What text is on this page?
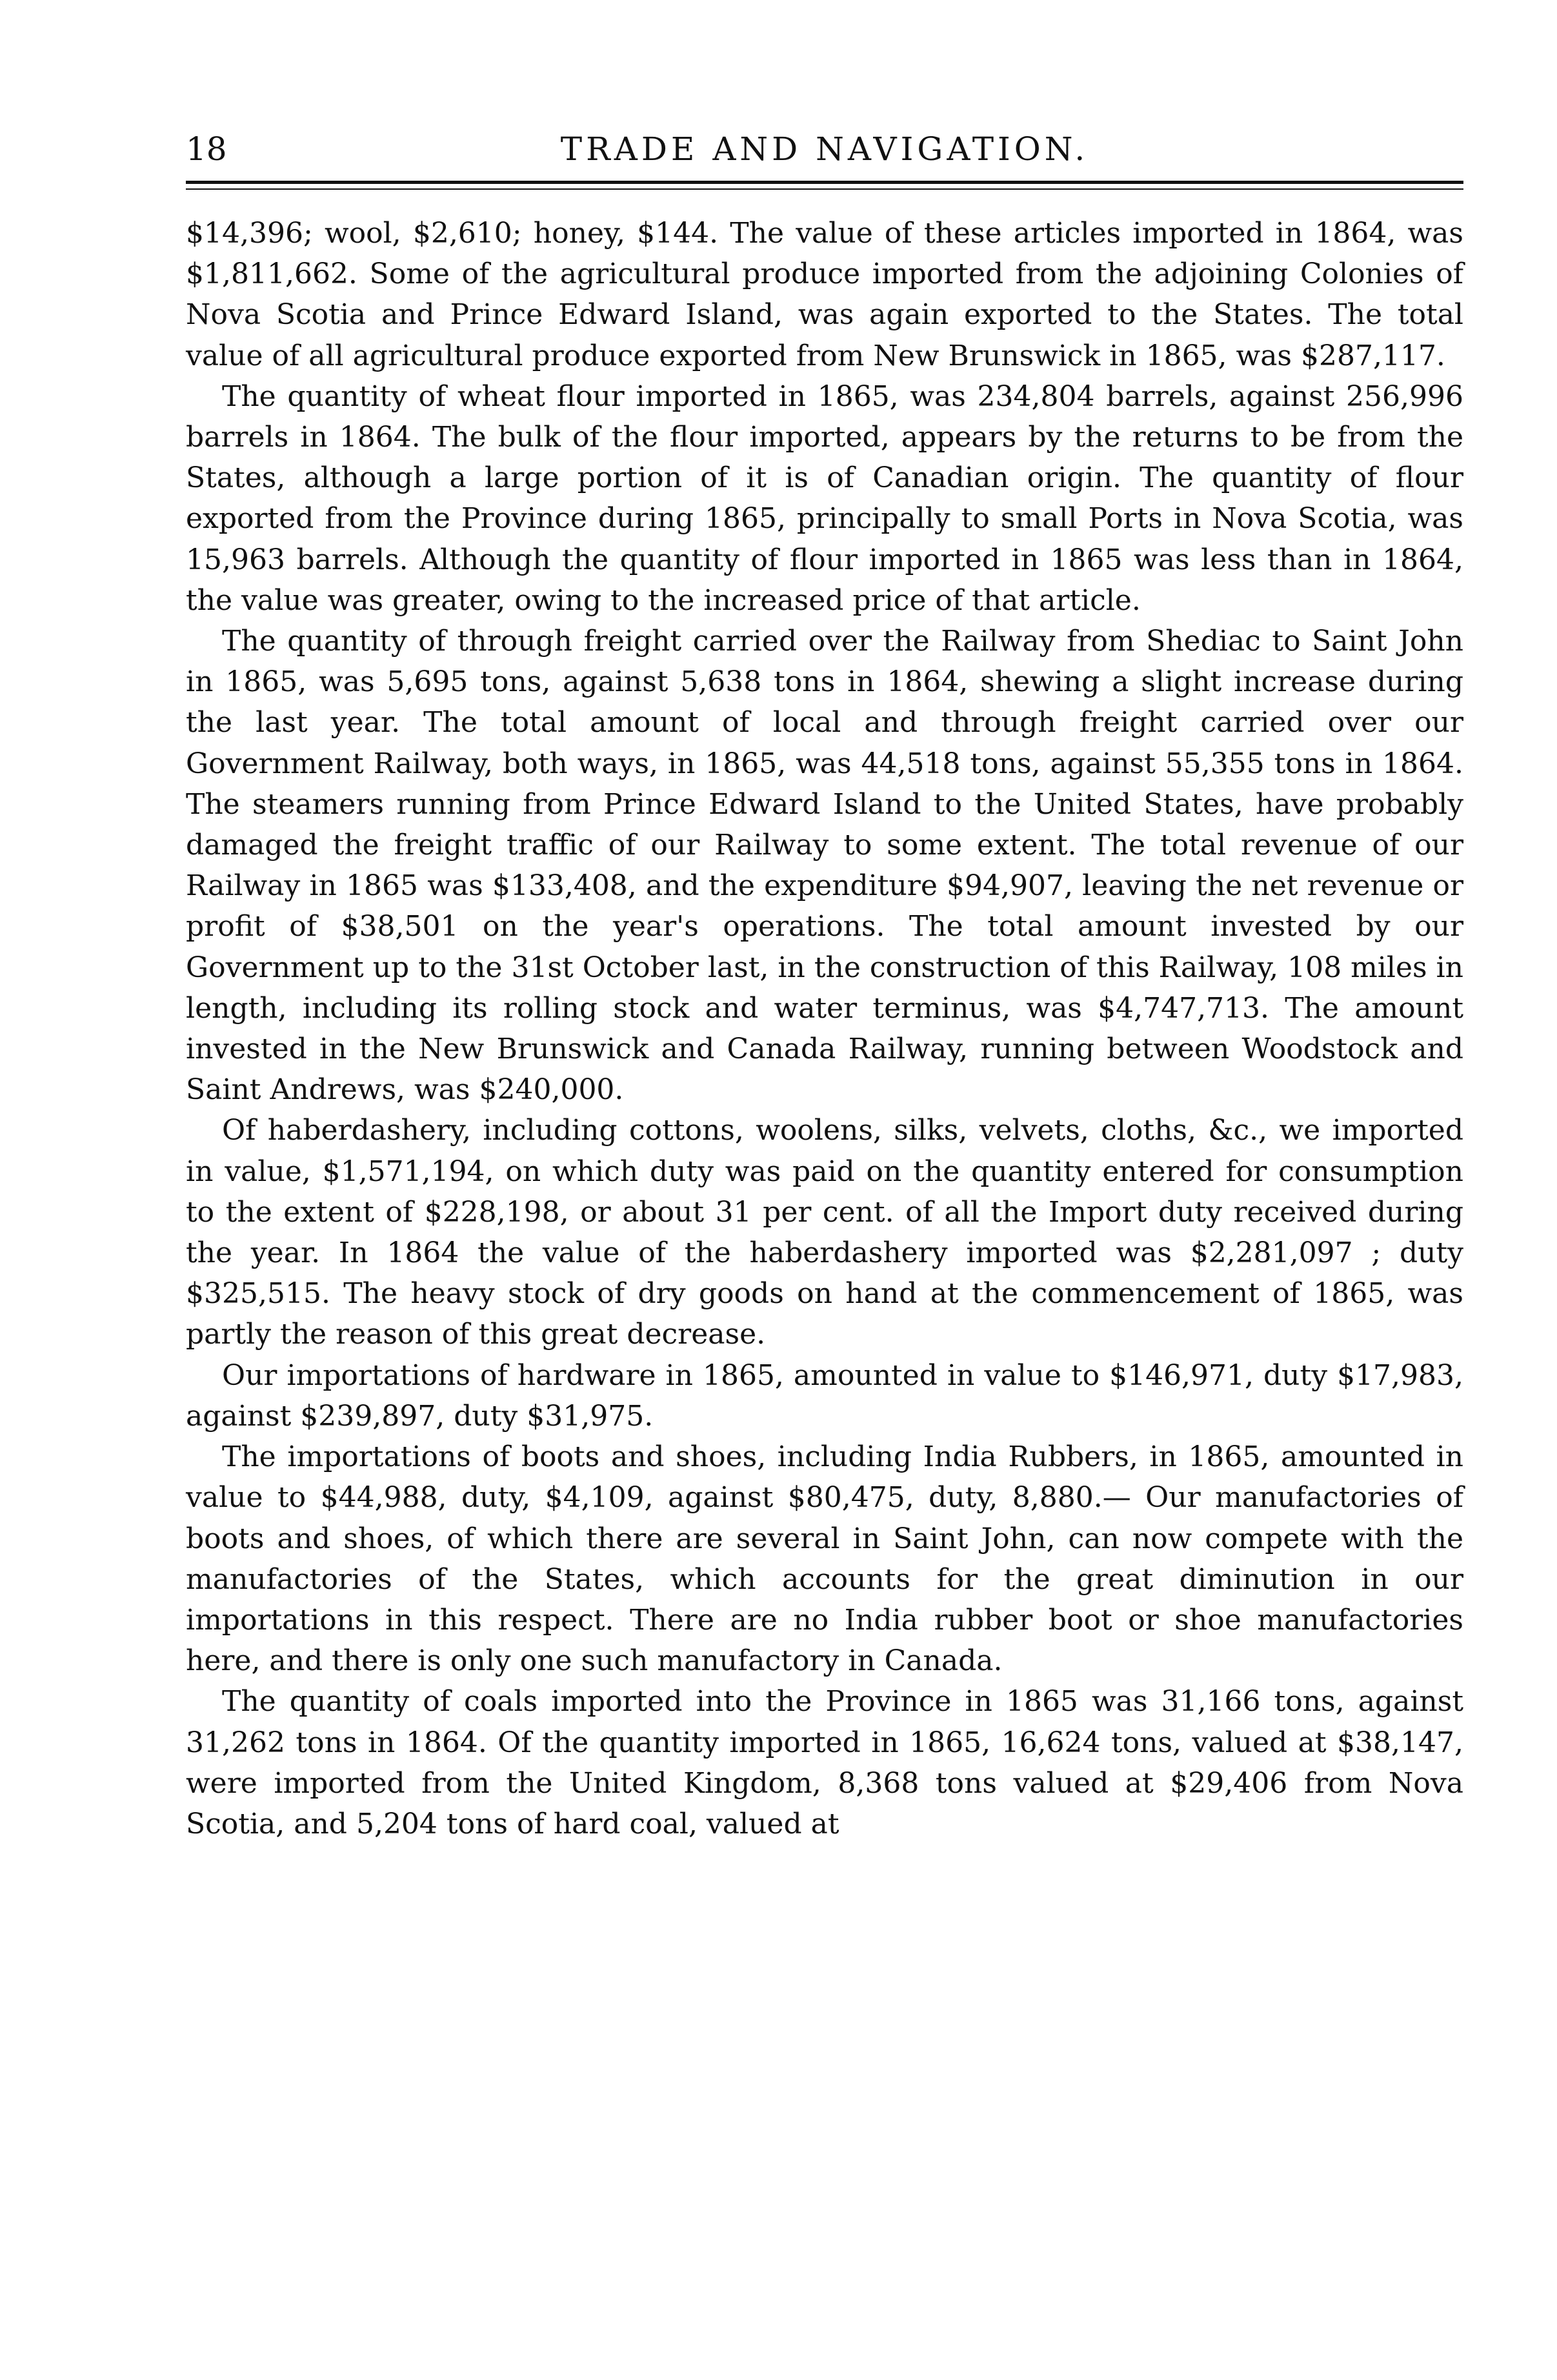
18	TRADE AND NAVIGATION.

$14,396; wool, $2,610; honey, $144. The value of these articles imported in 1864, was $1,811,662. Some of the agricultural produce imported from the adjoining Colonies of Nova Scotia and Prince Edward Island, was again exported to the States. The total value of all agricultural produce exported from New Brunswick in 1865, was $287,117.

The quantity of wheat flour imported in 1865, was 234,804 barrels, against 256,996 barrels in 1864. The bulk of the flour imported, appears by the returns to be from the States, although a large portion of it is of Canadian origin. The quantity of flour exported from the Province during 1865, principally to small Ports in Nova Scotia, was 15,963 barrels. Although the quantity of flour imported in 1865 was less than in 1864, the value was greater, owing to the increased price of that article.

The quantity of through freight carried over the Railway from Shediac to Saint John in 1865, was 5,695 tons, against 5,638 tons in 1864, shewing a slight increase during the last year. The total amount of local and through freight carried over our Government Railway, both ways, in 1865, was 44,518 tons, against 55,355 tons in 1864. The steamers running from Prince Edward Island to the United States, have probably damaged the freight traffic of our Railway to some extent. The total revenue of our Railway in 1865 was $133,408, and the expenditure $94,907, leaving the net revenue or profit of $38,501 on the year's operations. The total amount invested by our Government up to the 31st October last, in the construction of this Railway, 108 miles in length, including its rolling stock and water terminus, was $4,747,713. The amount invested in the New Brunswick and Canada Railway, running between Woodstock and Saint Andrews, was $240,000.

Of haberdashery, including cottons, woolens, silks, velvets, cloths, &c., we imported in value, $1,571,194, on which duty was paid on the quantity entered for consumption to the extent of $228,198, or about 31 per cent. of all the Import duty received during the year. In 1864 the value of the haberdashery imported was $2,281,097 ; duty $325,515. The heavy stock of dry goods on hand at the commencement of 1865, was partly the reason of this great decrease.

Our importations of hardware in 1865, amounted in value to $146,971, duty $17,983, against $239,897, duty $31,975.

The importations of boots and shoes, including India Rubbers, in 1865, amounted in value to $44,988, duty, $4,109, against $80,475, duty, 8,880.— Our manufactories of boots and shoes, of which there are several in Saint John, can now compete with the manufactories of the States, which accounts for the great diminution in our importations in this respect. There are no India rubber boot or shoe manufactories here, and there is only one such manufactory in Canada.

The quantity of coals imported into the Province in 1865 was 31,166 tons, against 31,262 tons in 1864. Of the quantity imported in 1865, 16,624 tons, valued at $38,147, were imported from the United Kingdom, 8,368 tons valued at $29,406 from Nova Scotia, and 5,204 tons of hard coal, valued at
